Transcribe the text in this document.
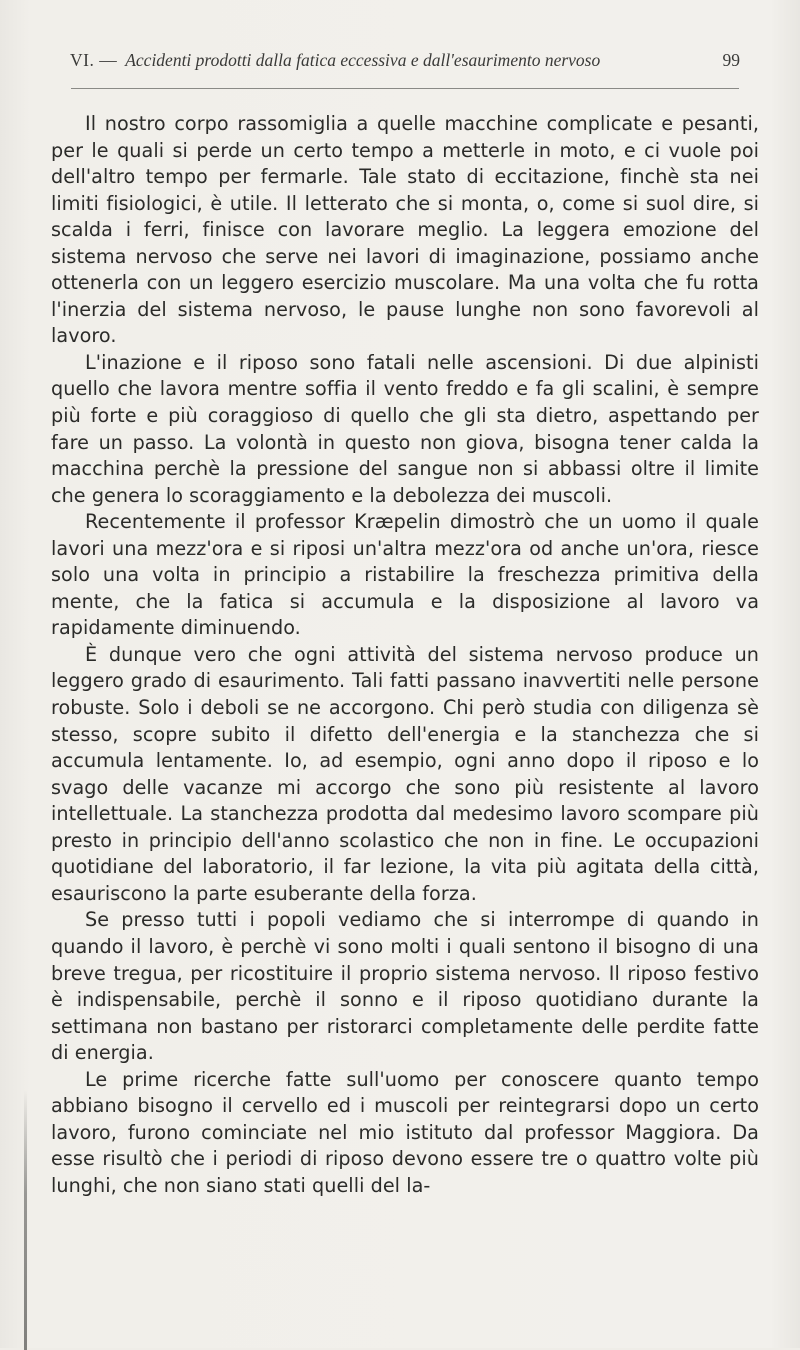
VI. — Accidenti prodotti dalla fatica eccessiva e dall'esaurimento nervoso	99

Il nostro corpo rassomiglia a quelle macchine complicate e pesanti, per le quali si perde un certo tempo a metterle in moto, e ci vuole poi dell'altro tempo per fermarle. Tale stato di eccitazione, finchè sta nei limiti fisiologici, è utile. Il letterato che si monta, o, come si suol dire, si scalda i ferri, finisce con lavorare meglio. La leggera emozione del sistema nervoso che serve nei lavori di imaginazione, possiamo anche ottenerla con un leggero esercizio muscolare. Ma una volta che fu rotta l'inerzia del sistema nervoso, le pause lunghe non sono favorevoli al lavoro.

L'inazione e il riposo sono fatali nelle ascensioni. Di due alpinisti quello che lavora mentre soffia il vento freddo e fa gli scalini, è sempre più forte e più coraggioso di quello che gli sta dietro, aspettando per fare un passo. La volontà in questo non giova, bisogna tener calda la macchina perchè la pressione del sangue non si abbassi oltre il limite che genera lo scoraggiamento e la debolezza dei muscoli.

Recentemente il professor Kræpelin dimostrò che un uomo il quale lavori una mezz'ora e si riposi un'altra mezz'ora od anche un'ora, riesce solo una volta in principio a ristabilire la freschezza primitiva della mente, che la fatica si accumula e la disposizione al lavoro va rapidamente diminuendo.

È dunque vero che ogni attività del sistema nervoso produce un leggero grado di esaurimento. Tali fatti passano inavvertiti nelle persone robuste. Solo i deboli se ne accorgono. Chi però studia con diligenza sè stesso, scopre subito il difetto dell'energia e la stanchezza che si accumula lentamente. Io, ad esempio, ogni anno dopo il riposo e lo svago delle vacanze mi accorgo che sono più resistente al lavoro intellettuale. La stanchezza prodotta dal medesimo lavoro scompare più presto in principio dell'anno scolastico che non in fine. Le occupazioni quotidiane del laboratorio, il far lezione, la vita più agitata della città, esauriscono la parte esuberante della forza.

Se presso tutti i popoli vediamo che si interrompe di quando in quando il lavoro, è perchè vi sono molti i quali sentono il bisogno di una breve tregua, per ricostituire il proprio sistema nervoso. Il riposo festivo è indispensabile, perchè il sonno e il riposo quotidiano durante la settimana non bastano per ristorarci completamente delle perdite fatte di energia.

Le prime ricerche fatte sull'uomo per conoscere quanto tempo abbiano bisogno il cervello ed i muscoli per reintegrarsi dopo un certo lavoro, furono cominciate nel mio istituto dal professor Maggiora. Da esse risultò che i periodi di riposo devono essere tre o quattro volte più lunghi, che non siano stati quelli del la-
